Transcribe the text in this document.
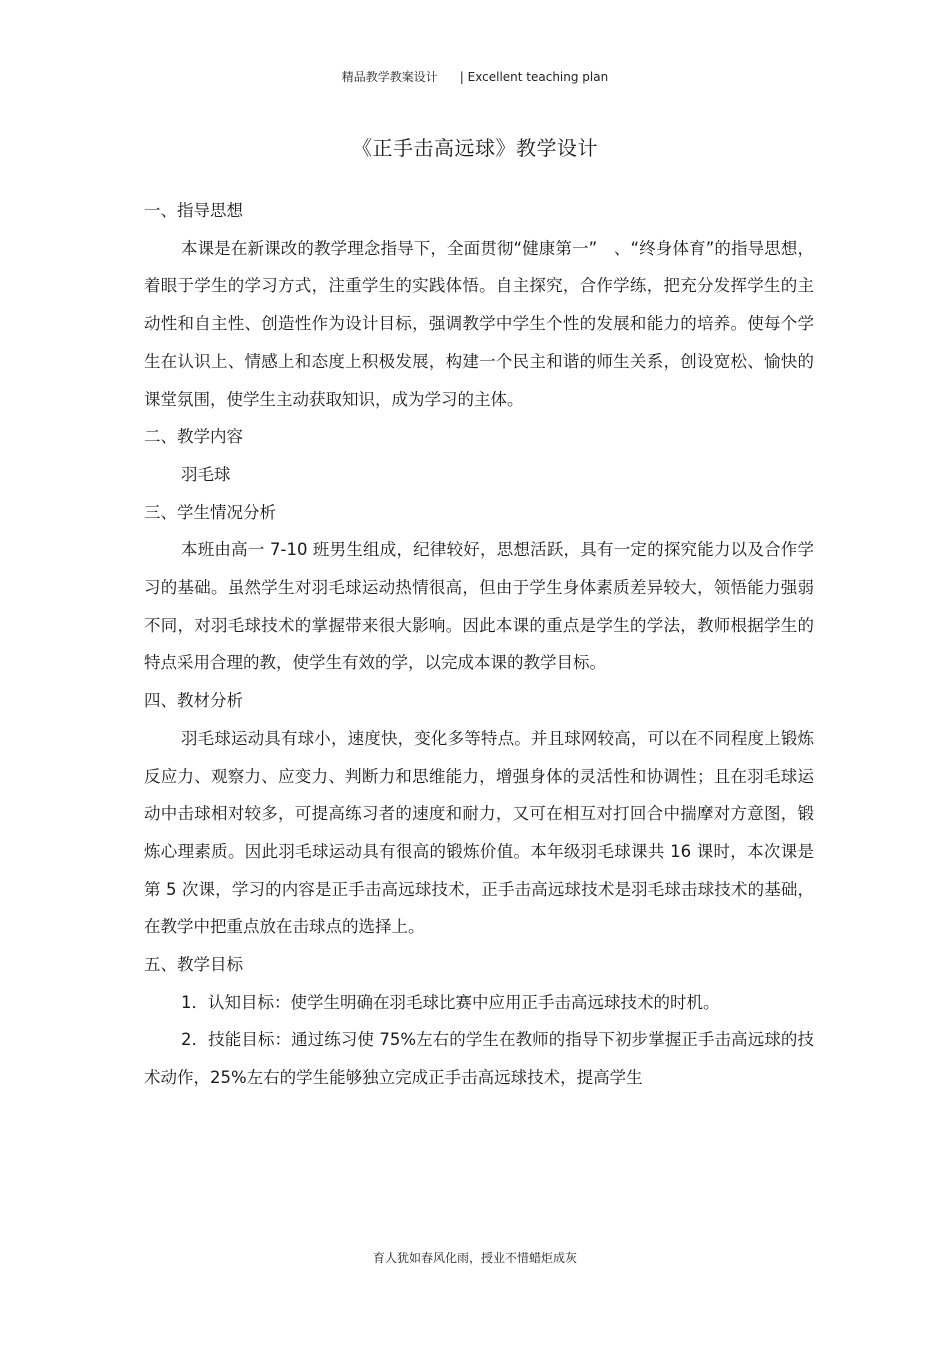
精品教学教案设计 | Excellent teaching plan
《正手击高远球》教学设计

一、指导思想

本课是在新课改的教学理念指导下，全面贯彻“健康第一”　、“终身体育”的指导思想，着眼于学生的学习方式，注重学生的实践体悟。自主探究，合作学练，把充分发挥学生的主动性和自主性、创造性作为设计目标，强调教学中学生个性的发展和能力的培养。使每个学生在认识上、情感上和态度上积极发展，构建一个民主和谐的师生关系，创设宽松、愉快的课堂氛围，使学生主动获取知识，成为学习的主体。

二、教学内容

羽毛球

三、学生情况分析

本班由高一 7-10 班男生组成，纪律较好，思想活跃，具有一定的探究能力以及合作学习的基础。虽然学生对羽毛球运动热情很高，但由于学生身体素质差异较大，领悟能力强弱不同，对羽毛球技术的掌握带来很大影响。因此本课的重点是学生的学法，教师根据学生的特点采用合理的教，使学生有效的学，以完成本课的教学目标。

四、教材分析

羽毛球运动具有球小，速度快，变化多等特点。并且球网较高，可以在不同程度上锻炼反应力、观察力、应变力、判断力和思维能力，增强身体的灵活性和协调性；且在羽毛球运动中击球相对较多，可提高练习者的速度和耐力，又可在相互对打回合中揣摩对方意图，锻炼心理素质。因此羽毛球运动具有很高的锻炼价值。本年级羽毛球课共 16 课时，本次课是第 5 次课，学习的内容是正手击高远球技术，正手击高远球技术是羽毛球击球技术的基础，在教学中把重点放在击球点的选择上。

五、教学目标

1．认知目标：使学生明确在羽毛球比赛中应用正手击高远球技术的时机。

2．技能目标：通过练习使 75%左右的学生在教师的指导下初步掌握正手击高远球的技术动作，25%左右的学生能够独立完成正手击高远球技术，提高学生

育人犹如春风化雨，授业不惜蜡炬成灰
